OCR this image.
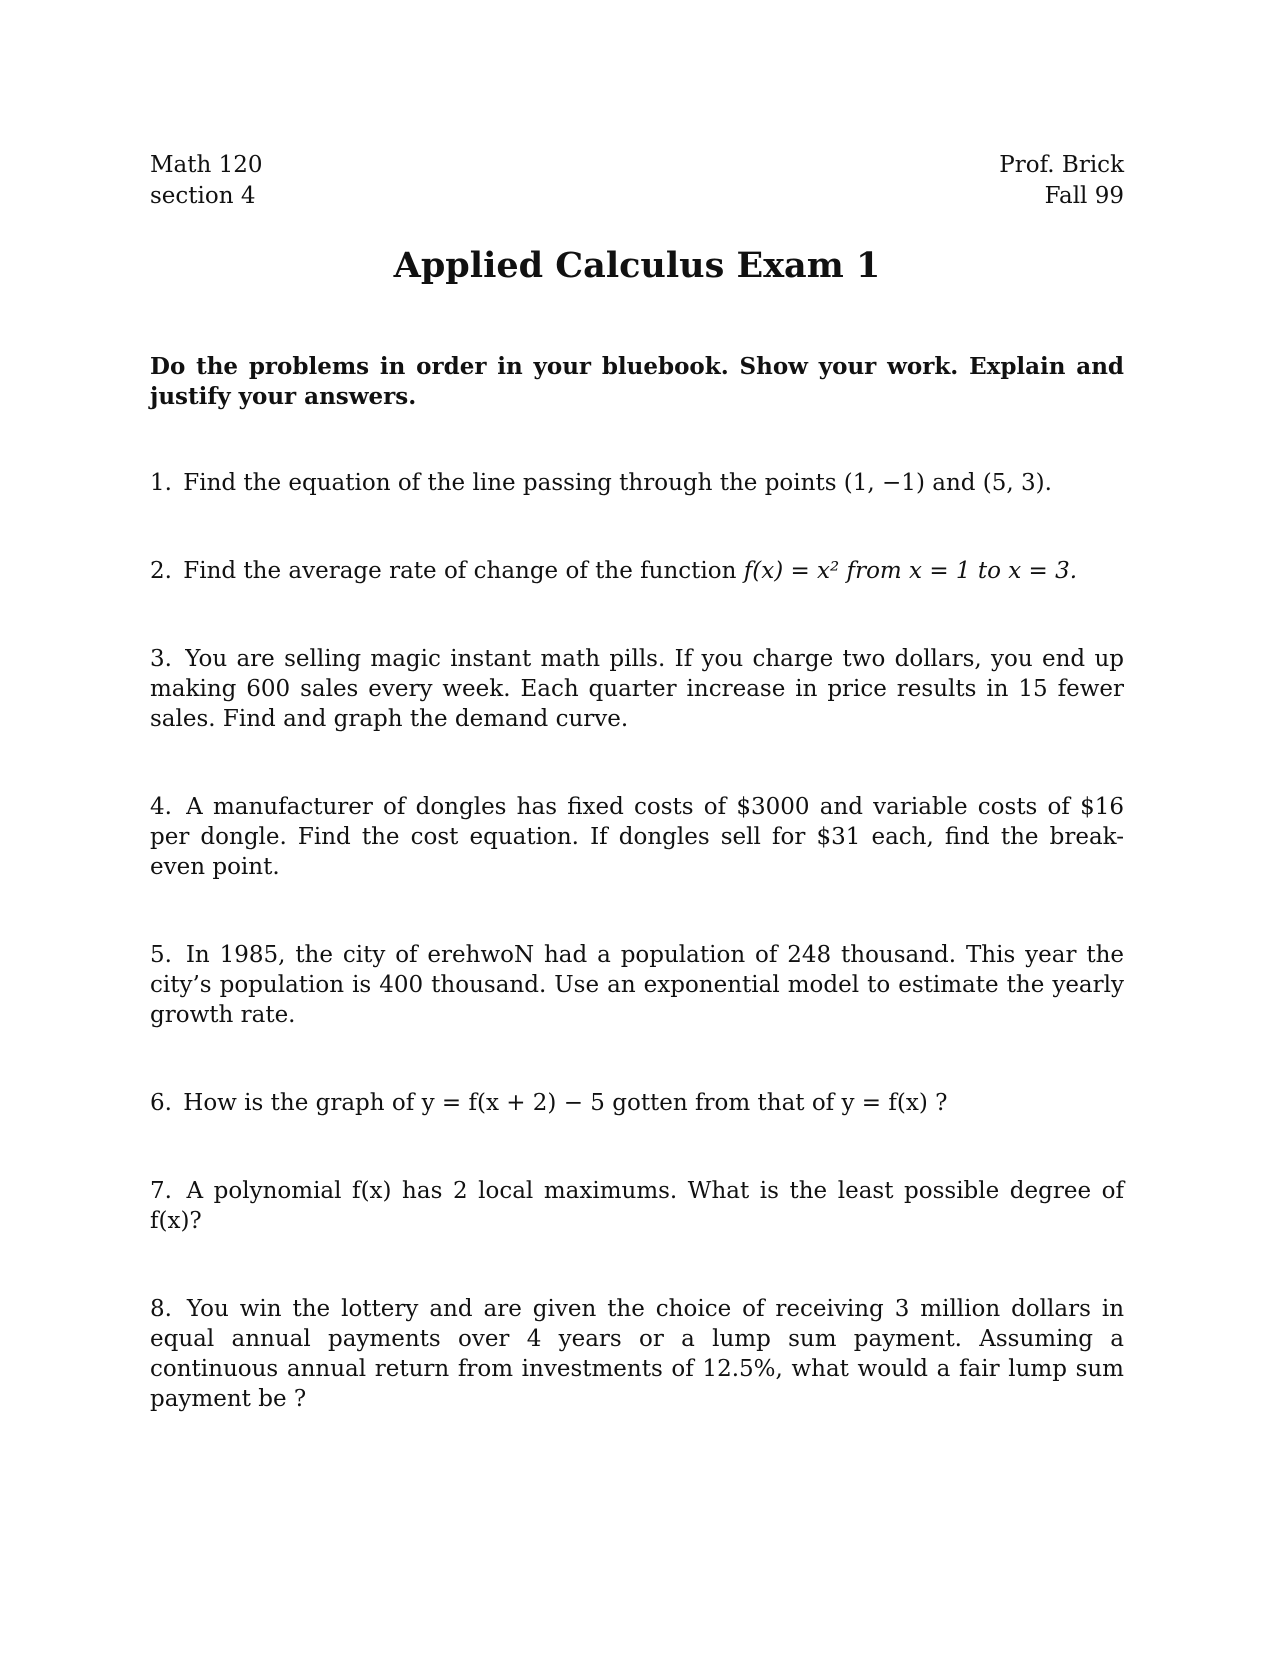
Math 120
section 4
Prof. Brick
Fall 99
Applied Calculus Exam 1
Do the problems in order in your bluebook. Show your work. Explain and justify your answers.
1. Find the equation of the line passing through the points (1, −1) and (5, 3).
2. Find the average rate of change of the function f(x) = x² from x = 1 to x = 3.
3. You are selling magic instant math pills. If you charge two dollars, you end up making 600 sales every week. Each quarter increase in price results in 15 fewer sales. Find and graph the demand curve.
4. A manufacturer of dongles has fixed costs of $3000 and variable costs of $16 per dongle. Find the cost equation. If dongles sell for $31 each, find the break-even point.
5. In 1985, the city of erehwoN had a population of 248 thousand. This year the city’s population is 400 thousand. Use an exponential model to estimate the yearly growth rate.
6. How is the graph of y = f(x + 2) − 5 gotten from that of y = f(x) ?
7. A polynomial f(x) has 2 local maximums. What is the least possible degree of f(x)?
8. You win the lottery and are given the choice of receiving 3 million dollars in equal annual payments over 4 years or a lump sum payment. Assuming a continuous annual return from investments of 12.5%, what would a fair lump sum payment be ?
